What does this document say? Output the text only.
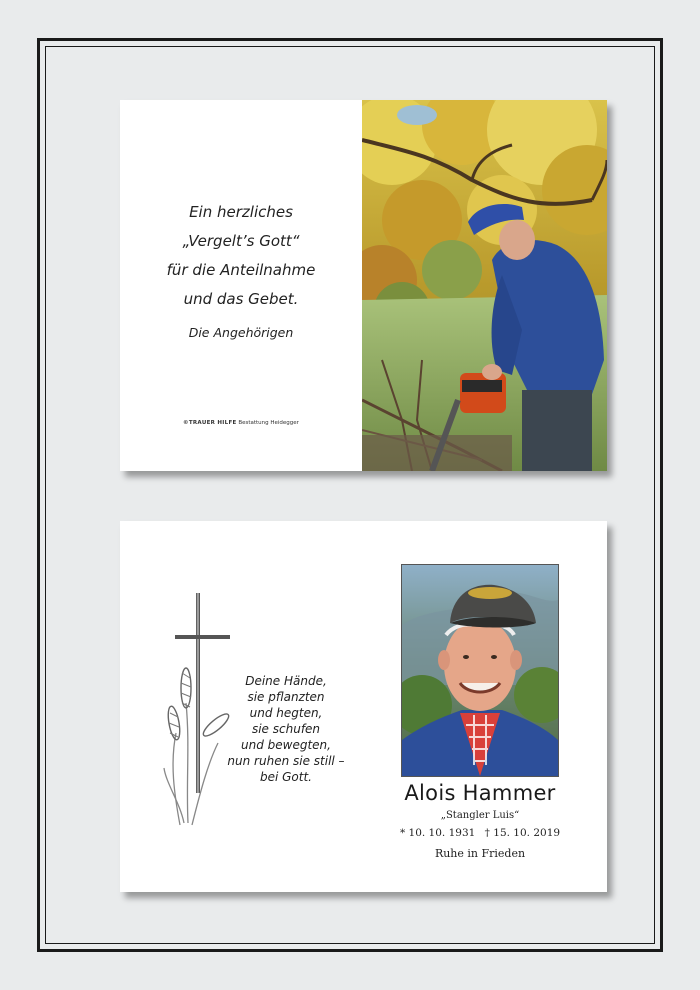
Ein herzliches
„Vergelt’s Gott“
für die Anteilnahme
und das Gebet.
Die Angehörigen
©TRAUER HILFE Bestattung Heidegger
Deine Hände,
sie pflanzten
und hegten,
sie schufen
und bewegten,
nun ruhen sie still –
bei Gott.
Alois Hammer
„Stangler Luis“
* 10. 10. 1931 † 15. 10. 2019
Ruhe in Frieden
